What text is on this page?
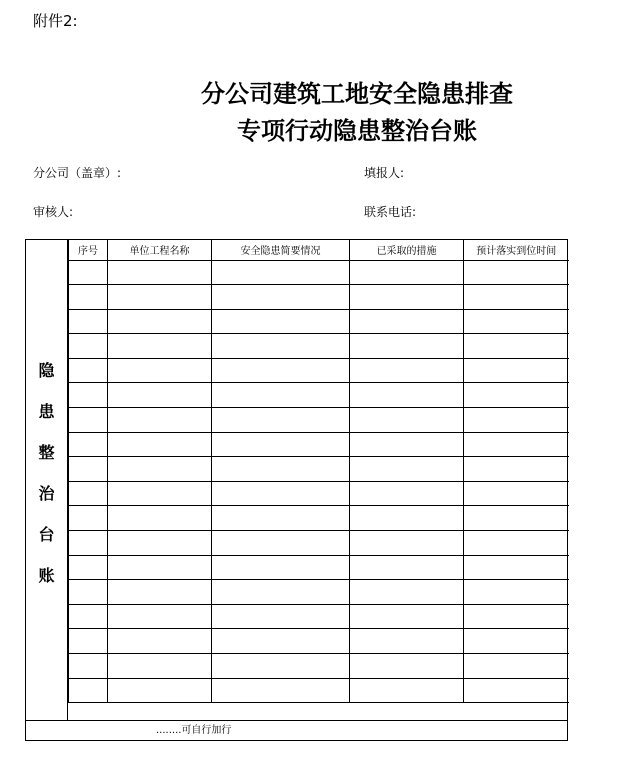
附件2:
分公司建筑工地安全隐患排查
专项行动隐患整治台账
分公司（盖章）:	填报人:
审核人:	联系电话:
隐
患
整
治
台
账
序号	单位工程名称	安全隐患简要情况	已采取的措施	预计落实到位时间

........可自行加行
